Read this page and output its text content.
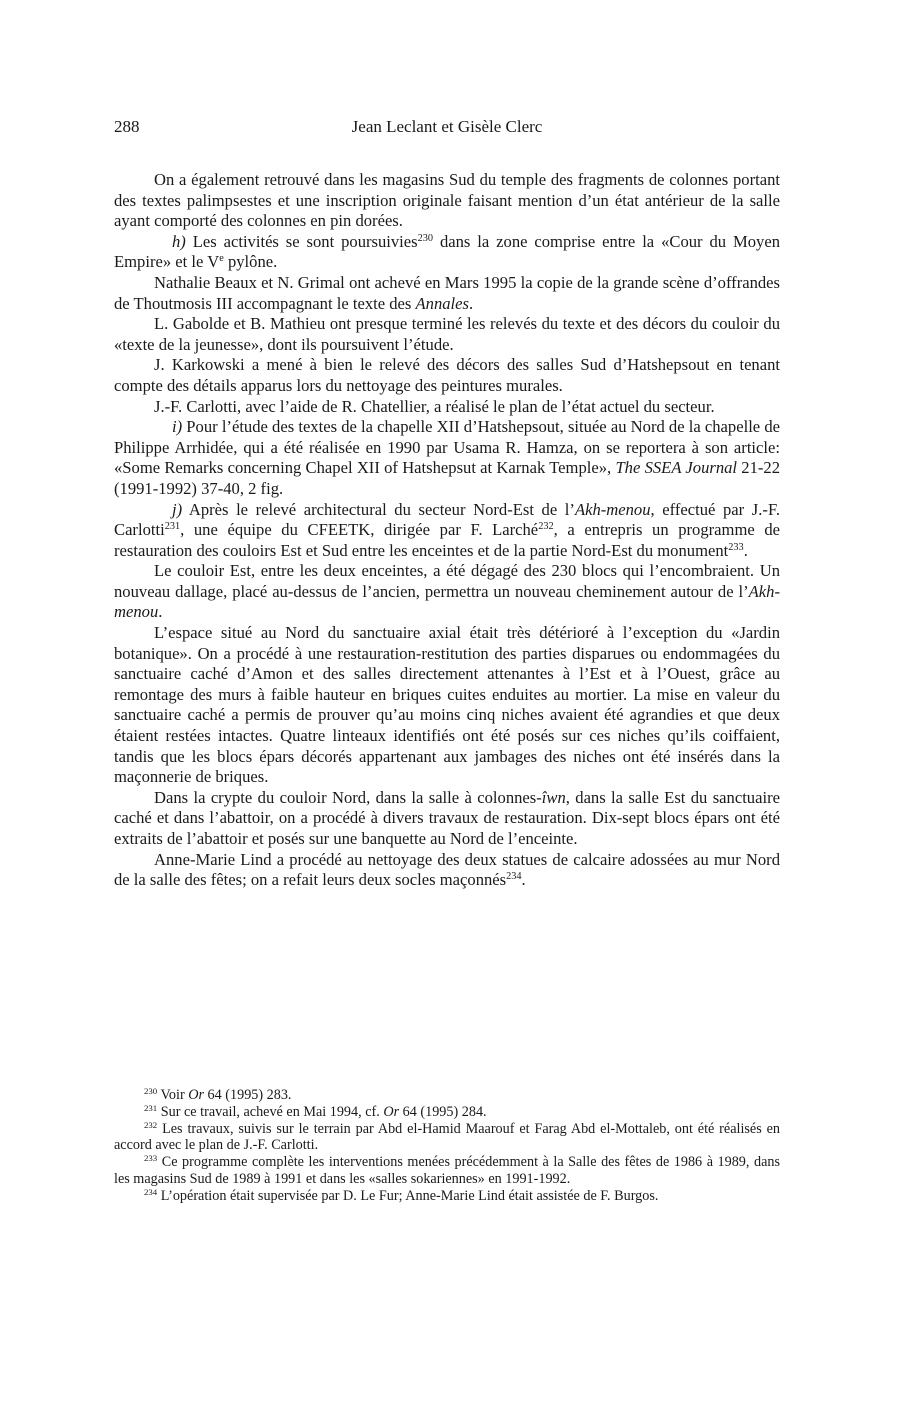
288	Jean Leclant et Gisèle Clerc

On a également retrouvé dans les magasins Sud du temple des fragments de colonnes portant des textes palimpsestes et une inscription originale faisant mention d’un état antérieur de la salle ayant comporté des colonnes en pin dorées.

h) Les activités se sont poursuivies$^{230}$ dans la zone comprise entre la «Cour du Moyen Empire» et le Ve pylône.

Nathalie Beaux et N. Grimal ont achevé en Mars 1995 la copie de la grande scène d’offrandes de Thoutmosis III accompagnant le texte des Annales.

L. Gabolde et B. Mathieu ont presque terminé les relevés du texte et des décors du couloir du «texte de la jeunesse», dont ils poursuivent l’étude.

J. Karkowski a mené à bien le relevé des décors des salles Sud d’Hatshepsout en tenant compte des détails apparus lors du nettoyage des peintures murales.

J.-F. Carlotti, avec l’aide de R. Chatellier, a réalisé le plan de l’état actuel du secteur.

i) Pour l’étude des textes de la chapelle XII d’Hatshepsout, située au Nord de la chapelle de Philippe Arrhidée, qui a été réalisée en 1990 par Usama R. Hamza, on se reportera à son article: «Some Remarks concerning Chapel XII of Hatshepsut at Karnak Temple», The SSEA Journal 21-22 (1991-1992) 37-40, 2 fig.

j) Après le relevé architectural du secteur Nord-Est de l’Akh-menou, effectué par J.-F. Carlotti$^{231}$, une équipe du CFEETK, dirigée par F. Larché$^{232}$, a entrepris un programme de restauration des couloirs Est et Sud entre les enceintes et de la partie Nord-Est du monument$^{233}$.

Le couloir Est, entre les deux enceintes, a été dégagé des 230 blocs qui l’encombraient. Un nouveau dallage, placé au-dessus de l’ancien, permettra un nouveau cheminement autour de l’Akh-menou.

L’espace situé au Nord du sanctuaire axial était très détérioré à l’exception du «Jardin botanique». On a procédé à une restauration-restitution des parties disparues ou endommagées du sanctuaire caché d’Amon et des salles directement attenantes à l’Est et à l’Ouest, grâce au remontage des murs à faible hauteur en briques cuites enduites au mortier. La mise en valeur du sanctuaire caché a permis de prouver qu’au moins cinq niches avaient été agrandies et que deux étaient restées intactes. Quatre linteaux identifiés ont été posés sur ces niches qu’ils coiffaient, tandis que les blocs épars décorés appartenant aux jambages des niches ont été insérés dans la maçonnerie de briques.

Dans la crypte du couloir Nord, dans la salle à colonnes-îwn, dans la salle Est du sanctuaire caché et dans l’abattoir, on a procédé à divers travaux de restauration. Dix-sept blocs épars ont été extraits de l’abattoir et posés sur une banquette au Nord de l’enceinte.

Anne-Marie Lind a procédé au nettoyage des deux statues de calcaire adossées au mur Nord de la salle des fêtes; on a refait leurs deux socles maçonnés$^{234}$.

$^{230}$ Voir Or 64 (1995) 283.

$^{231}$ Sur ce travail, achevé en Mai 1994, cf. Or 64 (1995) 284.

$^{232}$ Les travaux, suivis sur le terrain par Abd el-Hamid Maarouf et Farag Abd el-Mottaleb, ont été réalisés en accord avec le plan de J.-F. Carlotti.

$^{233}$ Ce programme complète les interventions menées précédemment à la Salle des fêtes de 1986 à 1989, dans les magasins Sud de 1989 à 1991 et dans les «salles sokariennes» en 1991-1992.

$^{234}$ L’opération était supervisée par D. Le Fur; Anne-Marie Lind était assistée de F. Burgos.
